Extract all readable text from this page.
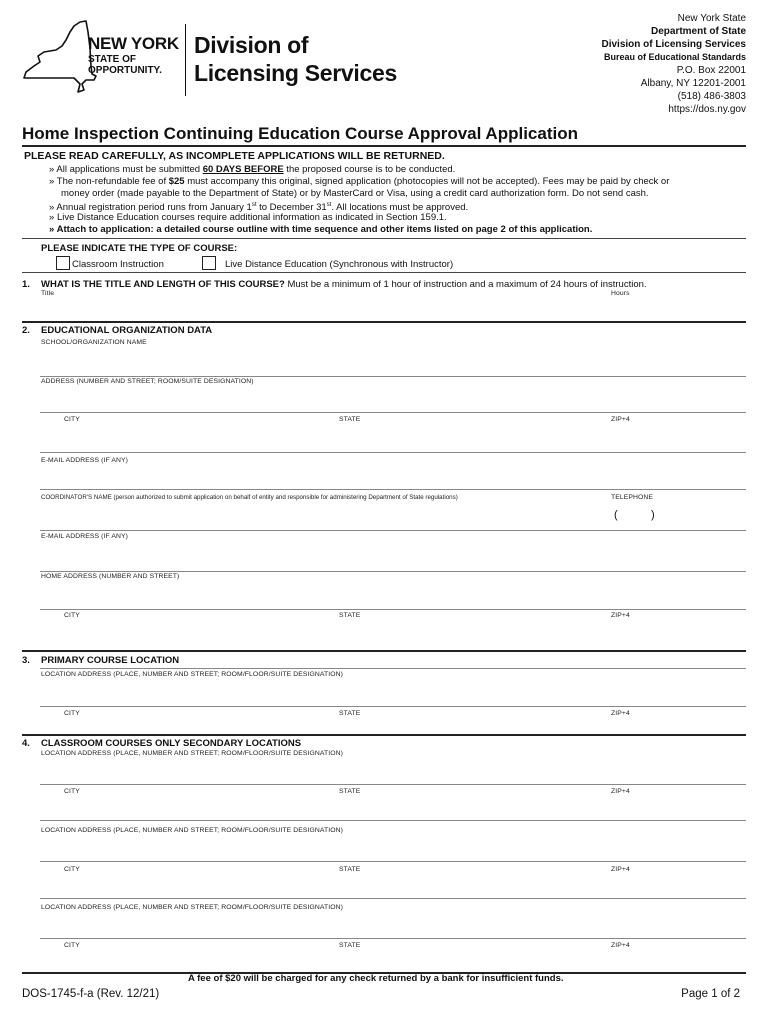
NEW YORK
STATE OF
OPPORTUNITY.
Division of
Licensing Services
New York State
Department of State
Division of Licensing Services
Bureau of Educational Standards
P.O. Box 22001
Albany, NY 12201-2001
(518) 486-3803
https://dos.ny.gov
Home Inspection Continuing Education Course Approval Application
PLEASE READ CAREFULLY, AS INCOMPLETE APPLICATIONS WILL BE RETURNED.
» All applications must be submitted 60 DAYS BEFORE the proposed course is to be conducted.
» The non-refundable fee of $25 must accompany this original, signed application (photocopies will not be accepted). Fees may be paid by check or
money order (made payable to the Department of State) or by MasterCard or Visa, using a credit card authorization form. Do not send cash.
» Annual registration period runs from January 1st to December 31st. All locations must be approved.
» Live Distance Education courses require additional information as indicated in Section 159.1.
» Attach to application: a detailed course outline with time sequence and other items listed on page 2 of this application.
PLEASE INDICATE THE TYPE OF COURSE:
Classroom Instruction	Live Distance Education (Synchronous with Instructor)
1. WHAT IS THE TITLE AND LENGTH OF THIS COURSE? Must be a minimum of 1 hour of instruction and a maximum of 24 hours of instruction.
Title	Hours
2. EDUCATIONAL ORGANIZATION DATA
SCHOOL/ORGANIZATION NAME
ADDRESS (NUMBER AND STREET; ROOM/SUITE DESIGNATION)
CITY	STATE	ZIP+4
E-MAIL ADDRESS (IF ANY)
COORDINATOR'S NAME (person authorized to submit application on behalf of entity and responsible for administering Department of State regulations)	TELEPHONE
(	)
E-MAIL ADDRESS (IF ANY)
HOME ADDRESS (NUMBER AND STREET)
CITY	STATE	ZIP+4
3. PRIMARY COURSE LOCATION
LOCATION ADDRESS (PLACE, NUMBER AND STREET; ROOM/FLOOR/SUITE DESIGNATION)
CITY	STATE	ZIP+4
4. CLASSROOM COURSES ONLY SECONDARY LOCATIONS
LOCATION ADDRESS (PLACE, NUMBER AND STREET; ROOM/FLOOR/SUITE DESIGNATION)
CITY	STATE	ZIP+4
LOCATION ADDRESS (PLACE, NUMBER AND STREET; ROOM/FLOOR/SUITE DESIGNATION)
CITY	STATE	ZIP+4
LOCATION ADDRESS (PLACE, NUMBER AND STREET; ROOM/FLOOR/SUITE DESIGNATION)
CITY	STATE	ZIP+4
A fee of $20 will be charged for any check returned by a bank for insufficient funds.
DOS-1745-f-a (Rev. 12/21)	Page 1 of 2
